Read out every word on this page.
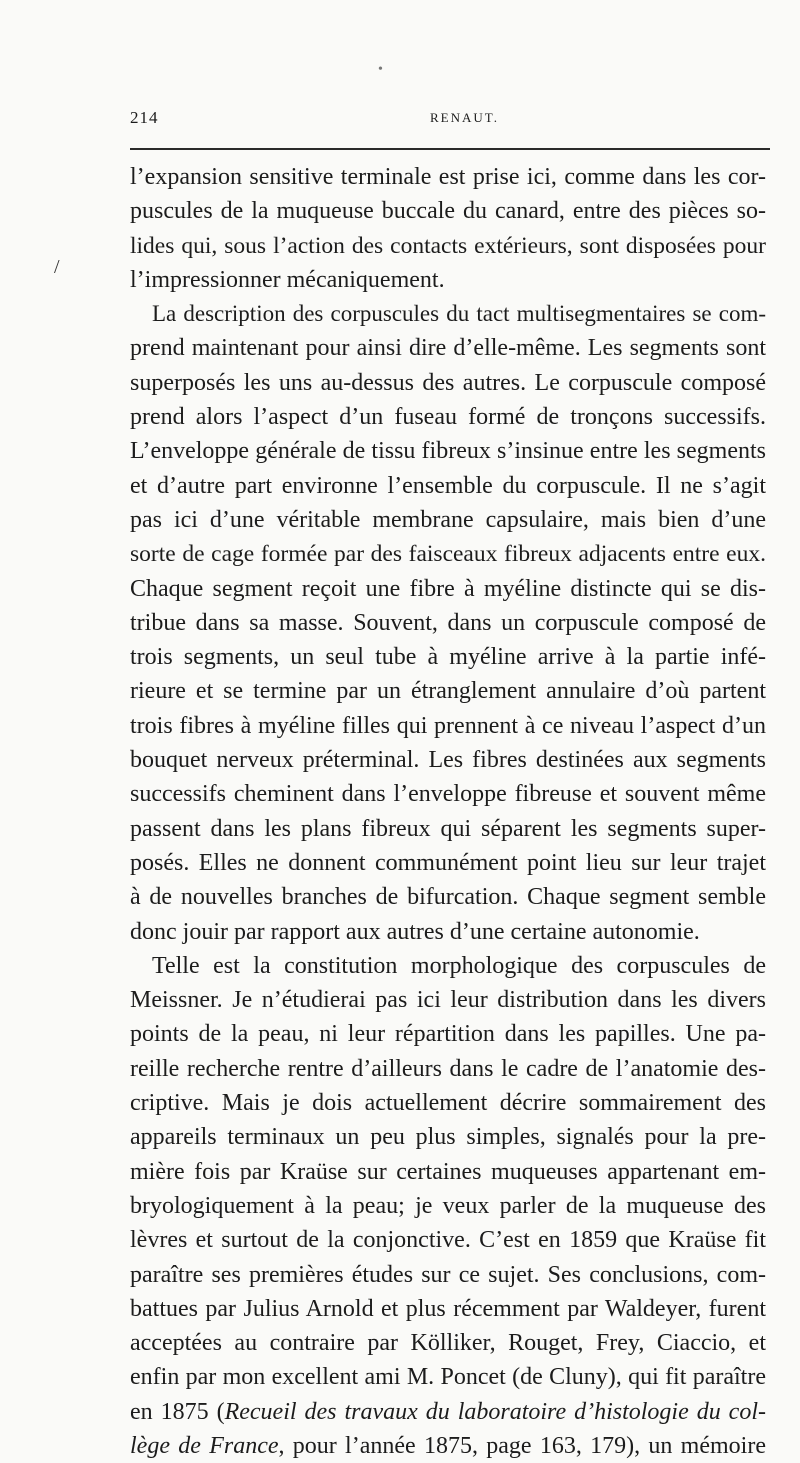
214	RENAUT.
l’expansion sensitive terminale est prise ici, comme dans les cor-
puscules de la muqueuse buccale du canard, entre des pièces so-
lides qui, sous l’action des contacts extérieurs, sont disposées pour
l’impressionner mécaniquement.
La description des corpuscules du tact multisegmentaires se com-
prend maintenant pour ainsi dire d’elle-même. Les segments sont
superposés les uns au-dessus des autres. Le corpuscule composé
prend alors l’aspect d’un fuseau formé de tronçons successifs.
L’enveloppe générale de tissu fibreux s’insinue entre les segments
et d’autre part environne l’ensemble du corpuscule. Il ne s’agit
pas ici d’une véritable membrane capsulaire, mais bien d’une
sorte de cage formée par des faisceaux fibreux adjacents entre eux.
Chaque segment reçoit une fibre à myéline distincte qui se dis-
tribue dans sa masse. Souvent, dans un corpuscule composé de
trois segments, un seul tube à myéline arrive à la partie infé-
rieure et se termine par un étranglement annulaire d’où partent
trois fibres à myéline filles qui prennent à ce niveau l’aspect d’un
bouquet nerveux préterminal. Les fibres destinées aux segments
successifs cheminent dans l’enveloppe fibreuse et souvent même
passent dans les plans fibreux qui séparent les segments super-
posés. Elles ne donnent communément point lieu sur leur trajet
à de nouvelles branches de bifurcation. Chaque segment semble
donc jouir par rapport aux autres d’une certaine autonomie.
Telle est la constitution morphologique des corpuscules de
Meissner. Je n’étudierai pas ici leur distribution dans les divers
points de la peau, ni leur répartition dans les papilles. Une pa-
reille recherche rentre d’ailleurs dans le cadre de l’anatomie des-
criptive. Mais je dois actuellement décrire sommairement des
appareils terminaux un peu plus simples, signalés pour la pre-
mière fois par Kraüse sur certaines muqueuses appartenant em-
bryologiquement à la peau; je veux parler de la muqueuse des
lèvres et surtout de la conjonctive. C’est en 1859 que Kraüse fit
paraître ses premières études sur ce sujet. Ses conclusions, com-
battues par Julius Arnold et plus récemment par Waldeyer, furent
acceptées au contraire par Kölliker, Rouget, Frey, Ciaccio, et
enfin par mon excellent ami M. Poncet (de Cluny), qui fit paraître
en 1875 (Recueil des travaux du laboratoire d’histologie du col-
lège de France, pour l’année 1875, page 163, 179), un mémoire
/
•
